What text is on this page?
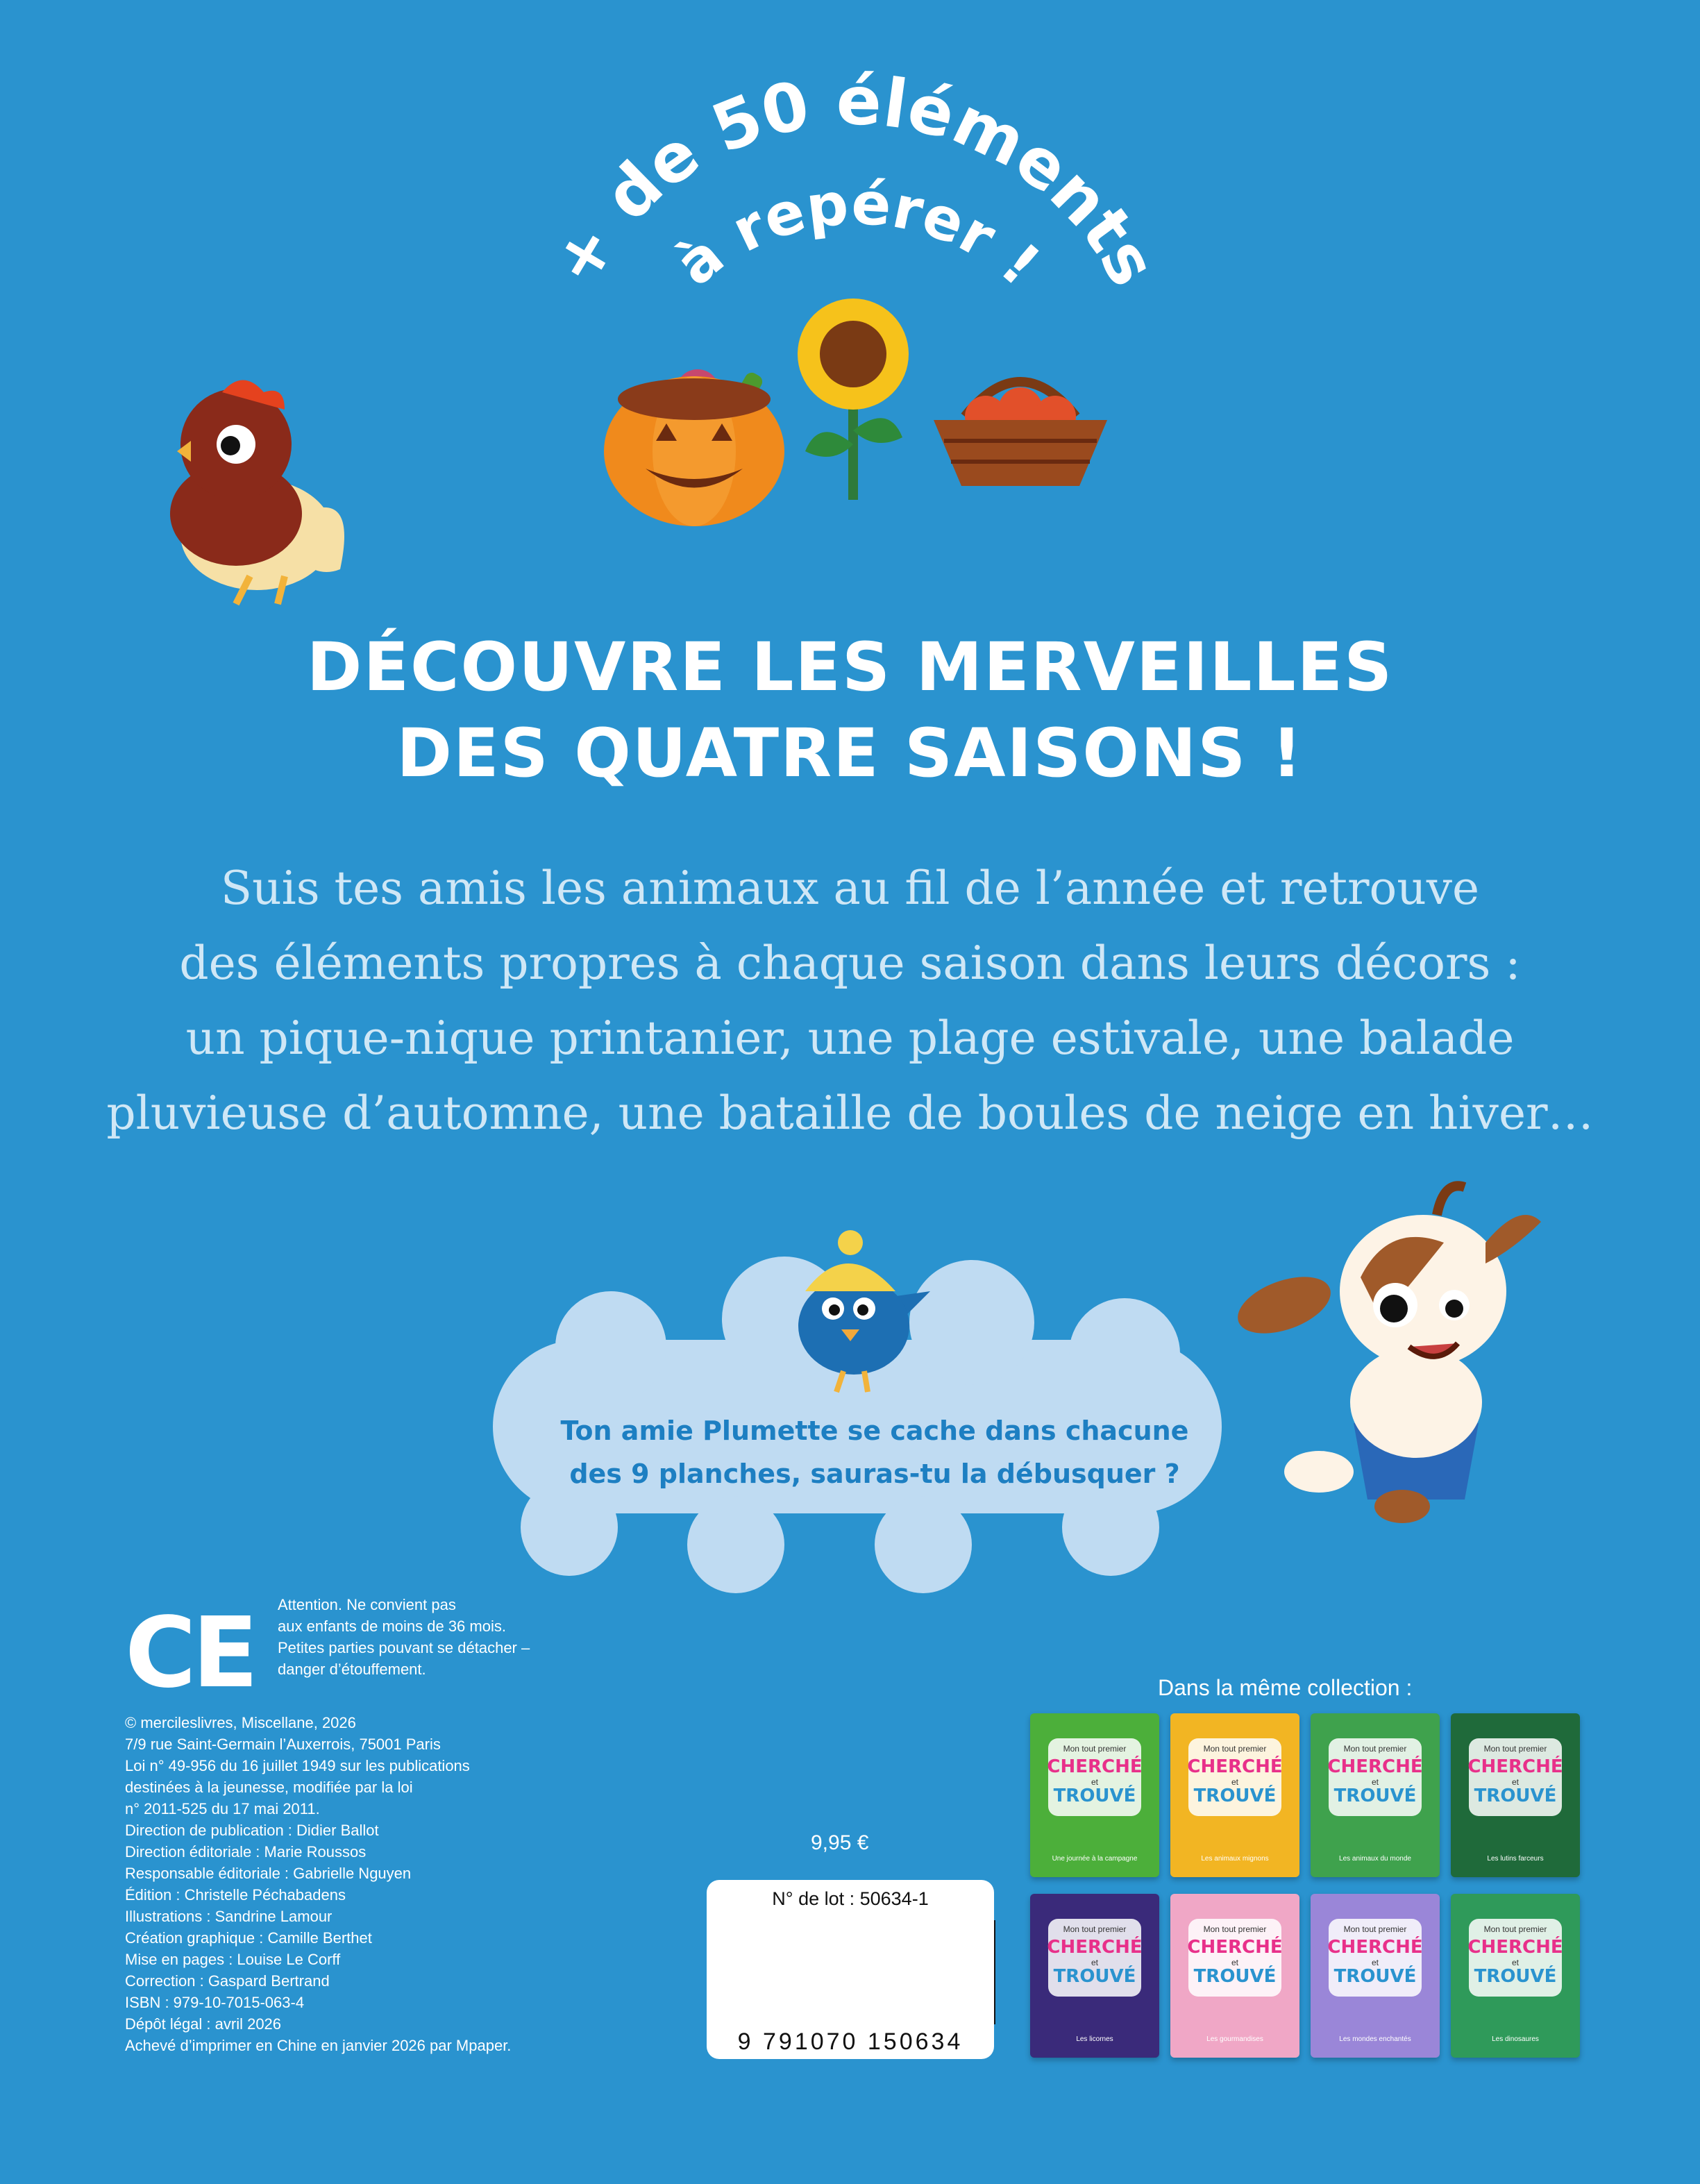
+ de 50 éléments
à repérer !
DÉCOUVRE LES MERVEILLES
DES QUATRE SAISONS !
Suis tes amis les animaux au fil de l’année et retrouve
des éléments propres à chaque saison dans leurs décors :
un pique-nique printanier, une plage estivale, une balade
pluvieuse d’automne, une bataille de boules de neige en hiver…
Ton amie Plumette se cache dans chacune
des 9 planches, sauras-tu la débusquer ?
CE Attention. Ne convient pas
aux enfants de moins de 36 mois.
Petites parties pouvant se détacher –
danger d’étouffement.
© mercileslivres, Miscellane, 2026
7/9 rue Saint-Germain l’Auxerrois, 75001 Paris
Loi n° 49-956 du 16 juillet 1949 sur les publications
destinées à la jeunesse, modifiée par la loi
n° 2011-525 du 17 mai 2011.
Direction de publication : Didier Ballot
Direction éditoriale : Marie Roussos
Responsable éditoriale : Gabrielle Nguyen
Édition : Christelle Péchabadens
Illustrations : Sandrine Lamour
Création graphique : Camille Berthet
Mise en pages : Louise Le Corff
Correction : Gaspard Bertrand
ISBN : 979-10-7015-063-4
Dépôt légal : avril 2026
Achevé d’imprimer en Chine en janvier 2026 par Mpaper.
9,95 €
N° de lot : 50634-1
9 791070 150634
Dans la même collection :
Mon tout premier
CHERCHÉ
et
TROUVÉ
Une journée à la campagne
Mon tout premier
CHERCHÉ
et
TROUVÉ
Les animaux mignons
Mon tout premier
CHERCHÉ
et
TROUVÉ
Les animaux du monde
Mon tout premier
CHERCHÉ
et
TROUVÉ
Les lutins farceurs
Mon tout premier
CHERCHÉ
et
TROUVÉ
Les licornes
Mon tout premier
CHERCHÉ
et
TROUVÉ
Les gourmandises
Mon tout premier
CHERCHÉ
et
TROUVÉ
Les mondes enchantés
Mon tout premier
CHERCHÉ
et
TROUVÉ
Les dinosaures
